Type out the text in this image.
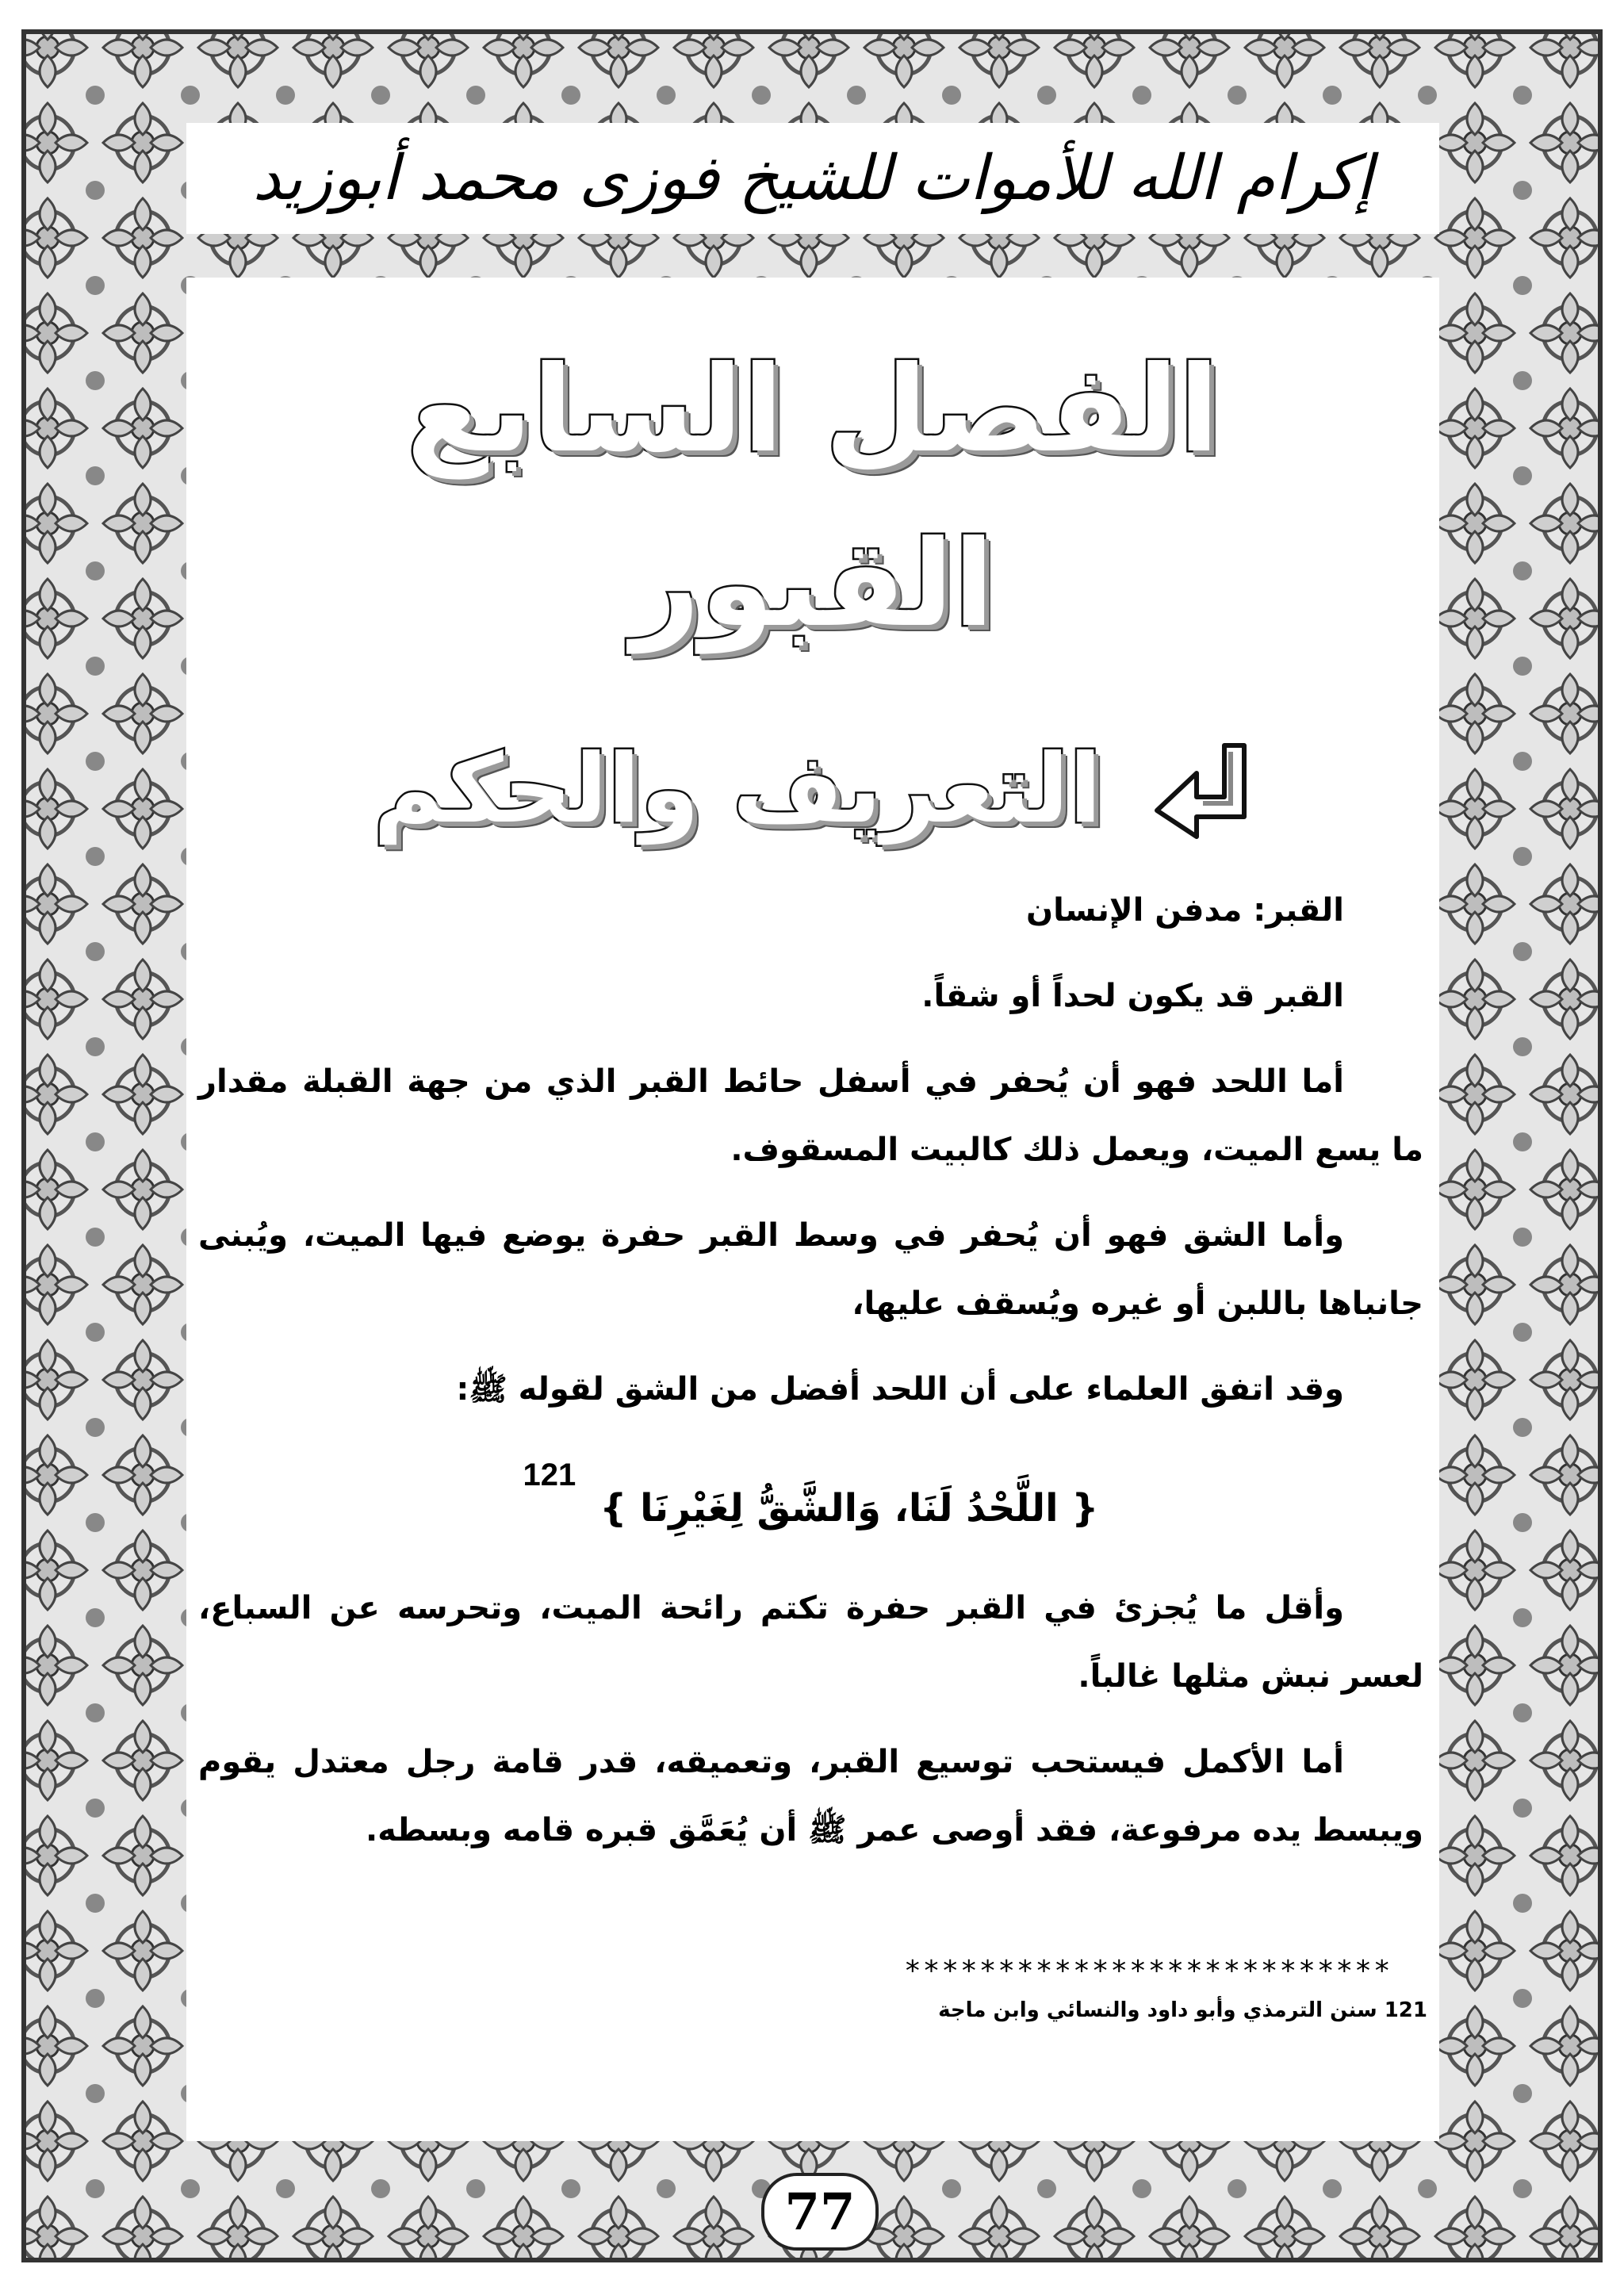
إكرام الله للأموات للشيخ فوزى محمد أبوزيد
الفصل السابع
القبور
التعريف والحكم

القبر: مدفن الإنسان

القبر قد يكون لحداً أو شقاً.

أما اللحد فهو أن يُحفر في أسفل حائط القبر الذي من جهة القبلة مقدار ما يسع الميت، ويعمل ذلك كالبيت المسقوف.

وأما الشق فهو أن يُحفر في وسط القبر حفرة يوضع فيها الميت، ويُبنى جانباها باللبن أو غيره ويُسقف عليها،

وقد اتفق العلماء على أن اللحد أفضل من الشق لقوله ﷺ:

{ اللَّحْدُ لَنَا، وَالشَّقُّ لِغَيْرِنَا }$^{121}$

وأقل ما يُجزئ في القبر حفرة تكتم رائحة الميت، وتحرسه عن السباع، لعسر نبش مثلها غالباً.

أما الأكمل فيستحب توسيع القبر، وتعميقه، قدر قامة رجل معتدل يقوم ويبسط يده مرفوعة، فقد أوصى عمر ﷺ أن يُعَمَّق قبره قامه وبسطه.

**************************
121 سنن الترمذي وأبو داود والنسائي وابن ماجة
77
